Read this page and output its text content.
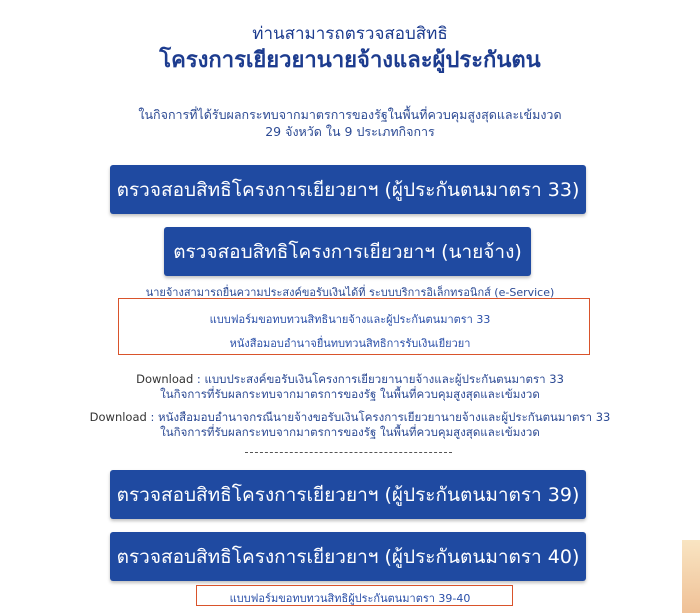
ท่านสามารถตรวจสอบสิทธิ
โครงการเยียวยานายจ้างและผู้ประกันตน
ในกิจการที่ได้รับผลกระทบจากมาตรการของรัฐในพื้นที่ควบคุมสูงสุดและเข้มงวด
29 จังหวัด ใน 9 ประเภทกิจการ
ตรวจสอบสิทธิโครงการเยียวยาฯ (ผู้ประกันตนมาตรา 33)
ตรวจสอบสิทธิโครงการเยียวยาฯ (นายจ้าง)
นายจ้างสามารถยื่นความประสงค์ขอรับเงินได้ที่ ระบบบริการอิเล็กทรอนิกส์ (e-Service)
แบบฟอร์มขอทบทวนสิทธินายจ้างและผู้ประกันตนมาตรา 33
หนังสือมอบอำนาจยื่นทบทวนสิทธิการรับเงินเยียวยา
Download : แบบประสงค์ขอรับเงินโครงการเยียวยานายจ้างและผู้ประกันตนมาตรา 33
ในกิจการที่รับผลกระทบจากมาตรการของรัฐ ในพื้นที่ควบคุมสูงสุดและเข้มงวด
Download : หนังสือมอบอำนาจกรณีนายจ้างขอรับเงินโครงการเยียวยานายจ้างและผู้ประกันตนมาตรา 33
ในกิจการที่รับผลกระทบจากมาตรการของรัฐ ในพื้นที่ควบคุมสูงสุดและเข้มงวด
ตรวจสอบสิทธิโครงการเยียวยาฯ (ผู้ประกันตนมาตรา 39)
ตรวจสอบสิทธิโครงการเยียวยาฯ (ผู้ประกันตนมาตรา 40)
แบบฟอร์มขอทบทวนสิทธิผู้ประกันตนมาตรา 39-40
